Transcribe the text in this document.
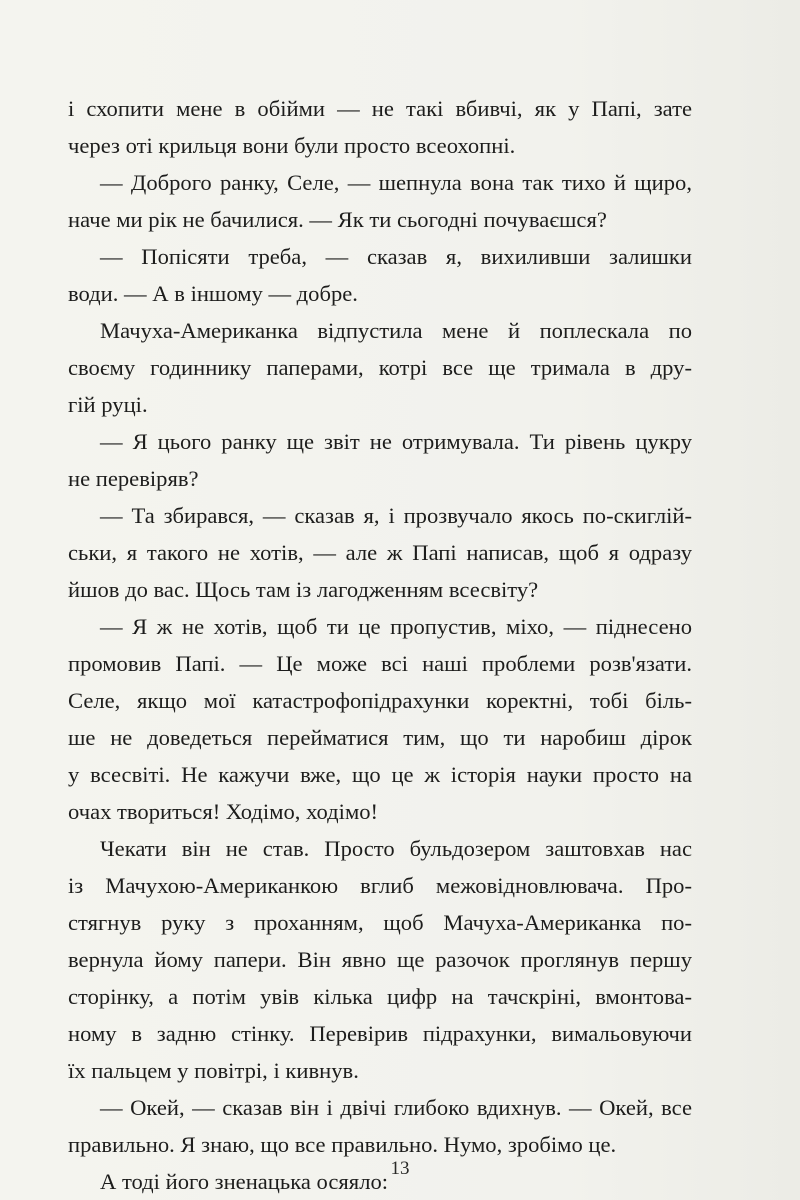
і схопити мене в обійми — не такі вбивчі, як у Папі, зате
через оті крильця вони були просто всеохопні.
— Доброго ранку, Селе, — шепнула вона так тихо й щиро,
наче ми рік не бачилися. — Як ти сьогодні почуваєшся?
— Попісяти треба, — сказав я, вихиливши залишки
води. — А в іншому — добре.
Мачуха-Американка відпустила мене й поплескала по
своєму годиннику паперами, котрі все ще тримала в дру-
гій руці.
— Я цього ранку ще звіт не отримувала. Ти рівень цукру
не перевіряв?
— Та збирався, — сказав я, і прозвучало якось по-скиглій-
ськи, я такого не хотів, — але ж Папі написав, щоб я одразу
йшов до вас. Щось там із лагодженням всесвіту?
— Я ж не хотів, щоб ти це пропустив, міхо, — піднесено
промовив Папі. — Це може всі наші проблеми розв'язати.
Селе, якщо мої катастрофопідрахунки коректні, тобі біль-
ше не доведеться перейматися тим, що ти наробиш дірок
у всесвіті. Не кажучи вже, що це ж історія науки просто на
очах твориться! Ходімо, ходімо!
Чекати він не став. Просто бульдозером заштовхав нас
із Мачухою-Американкою вглиб межовідновлювача. Про-
стягнув руку з проханням, щоб Мачуха-Американка по-
вернула йому папери. Він явно ще разочок проглянув першу
сторінку, а потім увів кілька цифр на тачскріні, вмонтова-
ному в задню стінку. Перевірив підрахунки, вимальовуючи
їх пальцем у повітрі, і кивнув.
— Окей, — сказав він і двічі глибоко вдихнув. — Окей, все
правильно. Я знаю, що все правильно. Нумо, зробімо це.
А тоді його зненацька осяяло:
13
